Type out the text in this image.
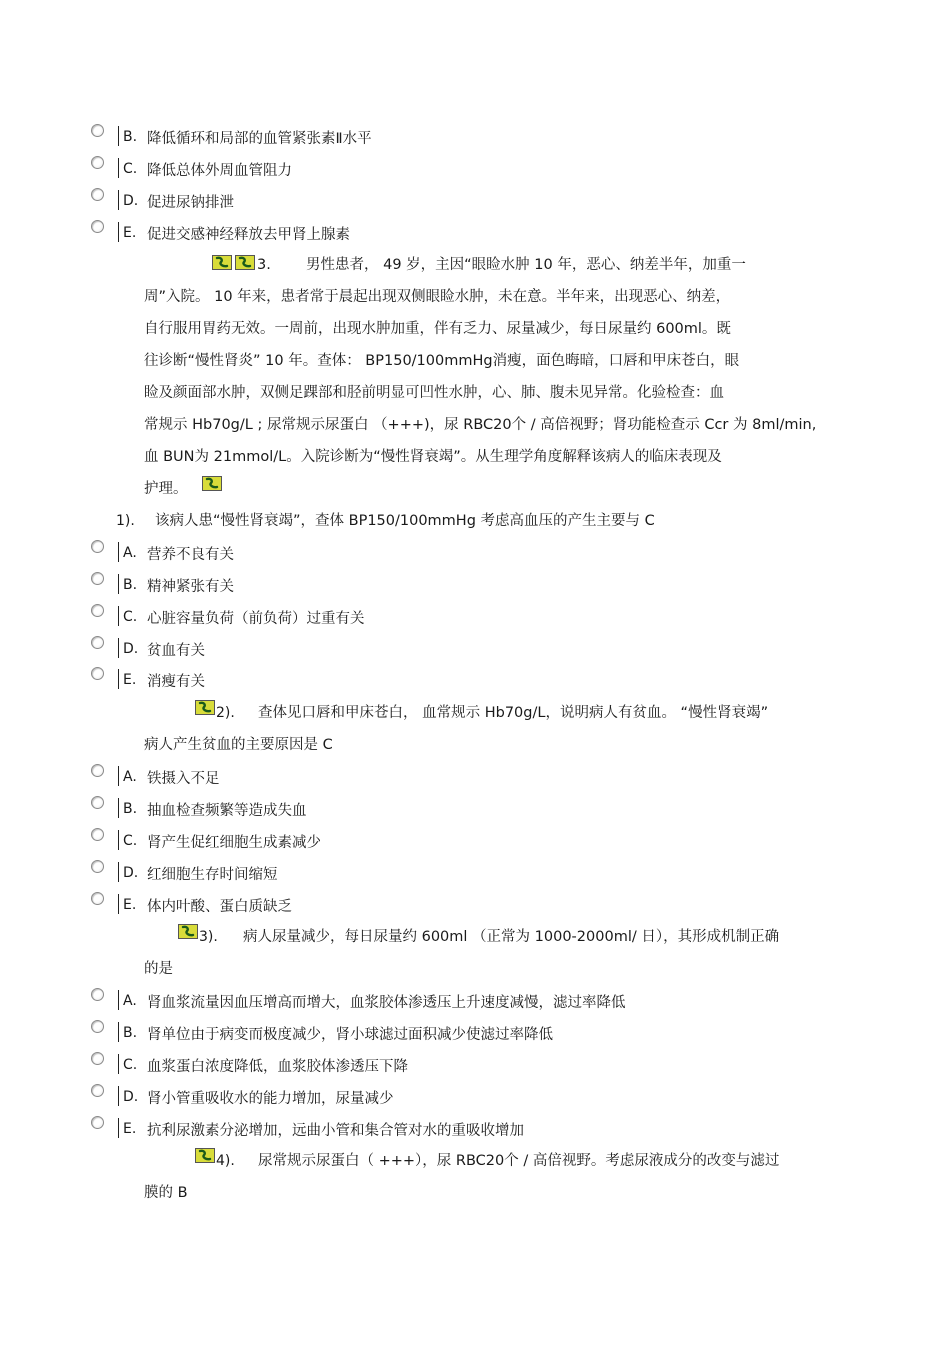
B. 降低循环和局部的血管紧张素Ⅱ水平
C. 降低总体外周血管阻力
D. 促进尿钠排泄
E. 促进交感神经释放去甲肾上腺素
3. 男性患者， 49 岁，主因“眼睑水肿 10 年，恶心、纳差半年，加重一
周”入院。 10 年来，患者常于晨起出现双侧眼睑水肿，未在意。半年来，出现恶心、纳差，
自行服用胃药无效。一周前，出现水肿加重，伴有乏力、尿量减少，每日尿量约 600ml。既
往诊断“慢性肾炎” 10 年。查体： BP150/100mmHg消瘦，面色晦暗，口唇和甲床苍白，眼
睑及颜面部水肿，双侧足踝部和胫前明显可凹性水肿，心、肺、腹未见异常。化验检查：血
常规示 Hb70g/L ; 尿常规示尿蛋白 （+++)，尿 RBC20个 / 高倍视野；肾功能检查示 Ccr 为 8ml/min,
血 BUN为 21mmol/L。入院诊断为“慢性肾衰竭”。从生理学角度解释该病人的临床表现及
护理。
1). 该病人患“慢性肾衰竭”，查体 BP150/100mmHg 考虑高血压的产生主要与 C
A. 营养不良有关
B. 精神紧张有关
C. 心脏容量负荷（前负荷）过重有关
D. 贫血有关
E. 消瘦有关
2). 查体见口唇和甲床苍白， 血常规示 Hb70g/L，说明病人有贫血。 “慢性肾衰竭”
病人产生贫血的主要原因是 C
A. 铁摄入不足
B. 抽血检查频繁等造成失血
C. 肾产生促红细胞生成素减少
D. 红细胞生存时间缩短
E. 体内叶酸、蛋白质缺乏
3). 病人尿量减少，每日尿量约 600ml （正常为 1000-2000ml/ 日），其形成机制正确
的是
A. 肾血浆流量因血压增高而增大，血浆胶体渗透压上升速度减慢，滤过率降低
B. 肾单位由于病变而极度减少，肾小球滤过面积减少使滤过率降低
C. 血浆蛋白浓度降低，血浆胶体渗透压下降
D. 肾小管重吸收水的能力增加，尿量减少
E. 抗利尿激素分泌增加，远曲小管和集合管对水的重吸收增加
4). 尿常规示尿蛋白（ +++），尿 RBC20个 / 高倍视野。考虑尿液成分的改变与滤过
膜的 B
